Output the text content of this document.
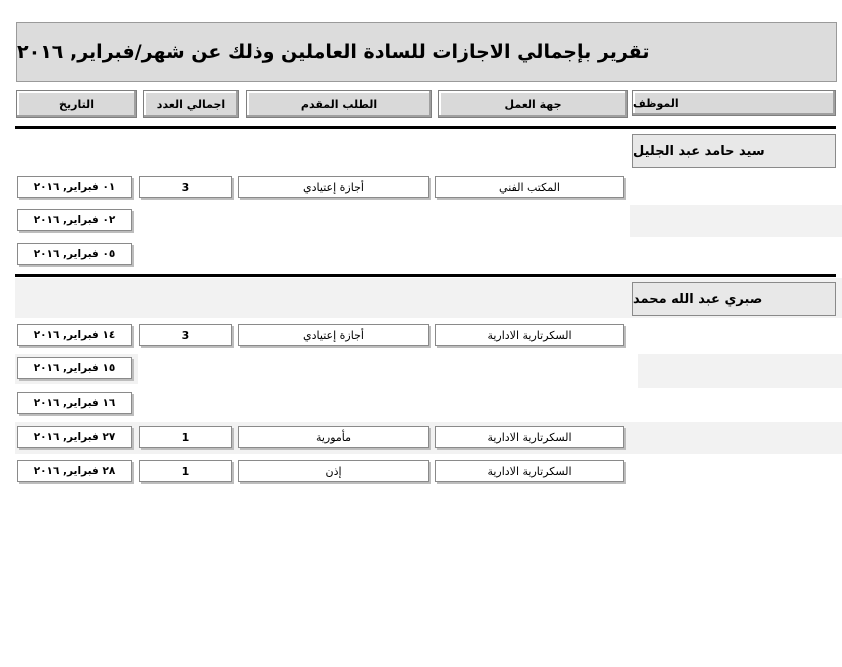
تقرير بإجمالي الاجازات للسادة العاملين وذلك عن شهر/فبراير, ٢٠١٦
الموظف
جهة العمل
الطلب المقدم
اجمالي العدد
التاريخ
سيد حامد عبد الجليل
المكتب الفني
أجازة إعتيادي
3
٠١ فبراير, ٢٠١٦
٠٢ فبراير, ٢٠١٦
٠٥ فبراير, ٢٠١٦
صبري عبد الله محمد
السكرتارية الادارية
أجازة إعتيادي
3
١٤ فبراير, ٢٠١٦
١٥ فبراير, ٢٠١٦
١٦ فبراير, ٢٠١٦
السكرتارية الادارية
مأمورية
1
٢٧ فبراير, ٢٠١٦
السكرتارية الادارية
إذن
1
٢٨ فبراير, ٢٠١٦
